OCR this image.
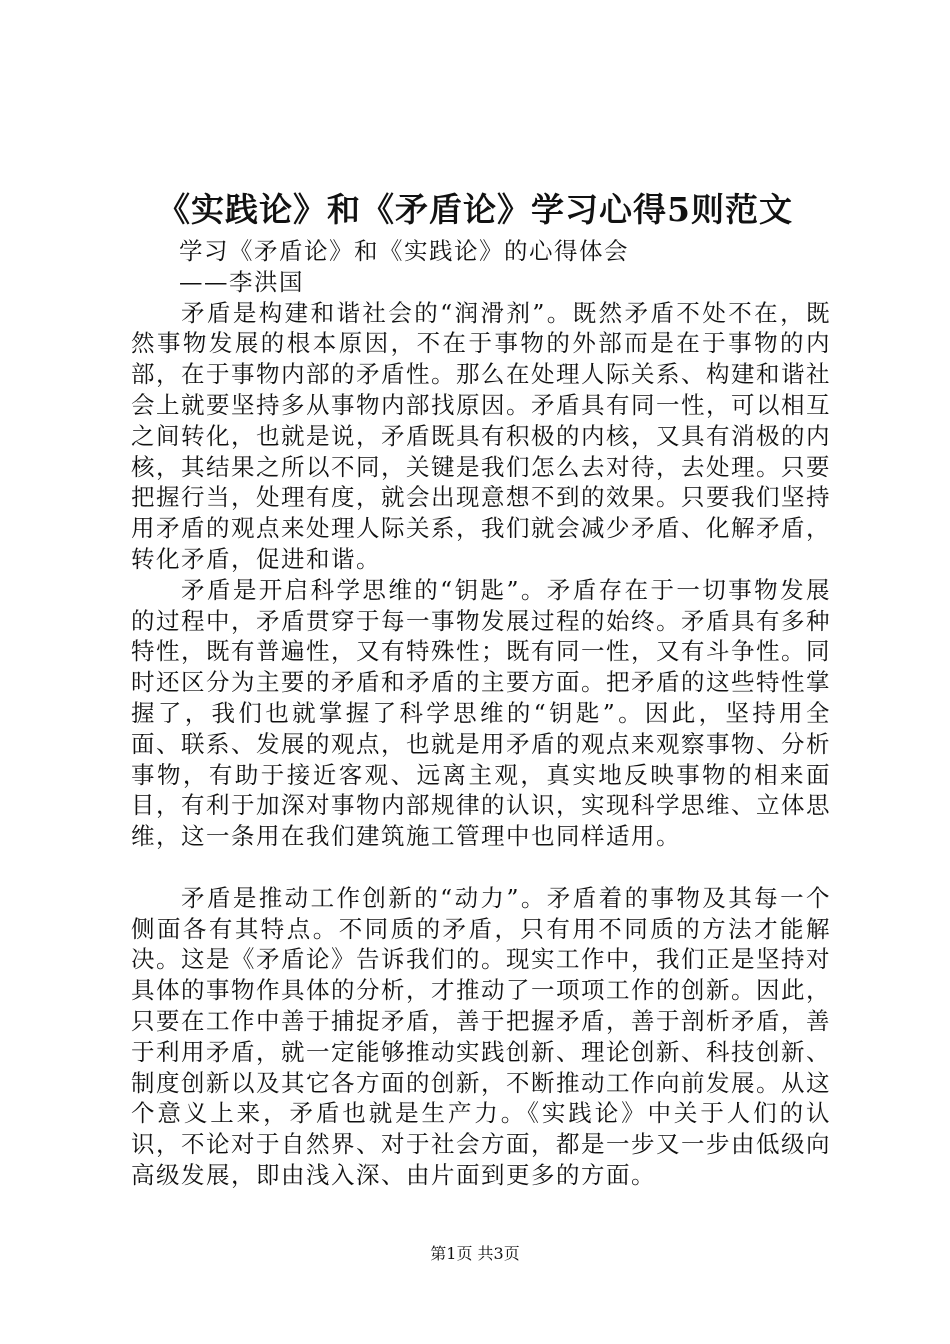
《实践论》和《矛盾论》学习心得5则范文

学习《矛盾论》和《实践论》的心得体会

——李洪国

矛盾是构建和谐社会的“润滑剂”。既然矛盾不处不在，既然事物发展的根本原因，不在于事物的外部而是在于事物的内部，在于事物内部的矛盾性。那么在处理人际关系、构建和谐社会上就要坚持多从事物内部找原因。矛盾具有同一性，可以相互之间转化，也就是说，矛盾既具有积极的内核，又具有消极的内核，其结果之所以不同，关键是我们怎么去对待，去处理。只要把握行当，处理有度，就会出现意想不到的效果。只要我们坚持用矛盾的观点来处理人际关系，我们就会减少矛盾、化解矛盾，转化矛盾，促进和谐。

矛盾是开启科学思维的“钥匙”。矛盾存在于一切事物发展的过程中，矛盾贯穿于每一事物发展过程的始终。矛盾具有多种特性，既有普遍性，又有特殊性；既有同一性，又有斗争性。同时还区分为主要的矛盾和矛盾的主要方面。把矛盾的这些特性掌握了，我们也就掌握了科学思维的“钥匙”。因此，坚持用全面、联系、发展的观点，也就是用矛盾的观点来观察事物、分析事物，有助于接近客观、远离主观，真实地反映事物的相来面目，有利于加深对事物内部规律的认识，实现科学思维、立体思维，这一条用在我们建筑施工管理中也同样适用。

矛盾是推动工作创新的“动力”。矛盾着的事物及其每一个侧面各有其特点。不同质的矛盾，只有用不同质的方法才能解决。这是《矛盾论》告诉我们的。现实工作中，我们正是坚持对具体的事物作具体的分析，才推动了一项项工作的创新。因此，只要在工作中善于捕捉矛盾，善于把握矛盾，善于剖析矛盾，善于利用矛盾，就一定能够推动实践创新、理论创新、科技创新、制度创新以及其它各方面的创新，不断推动工作向前发展。从这个意义上来，矛盾也就是生产力。《实践论》中关于人们的认识，不论对于自然界、对于社会方面，都是一步又一步由低级向高级发展，即由浅入深、由片面到更多的方面。

第1页 共3页
